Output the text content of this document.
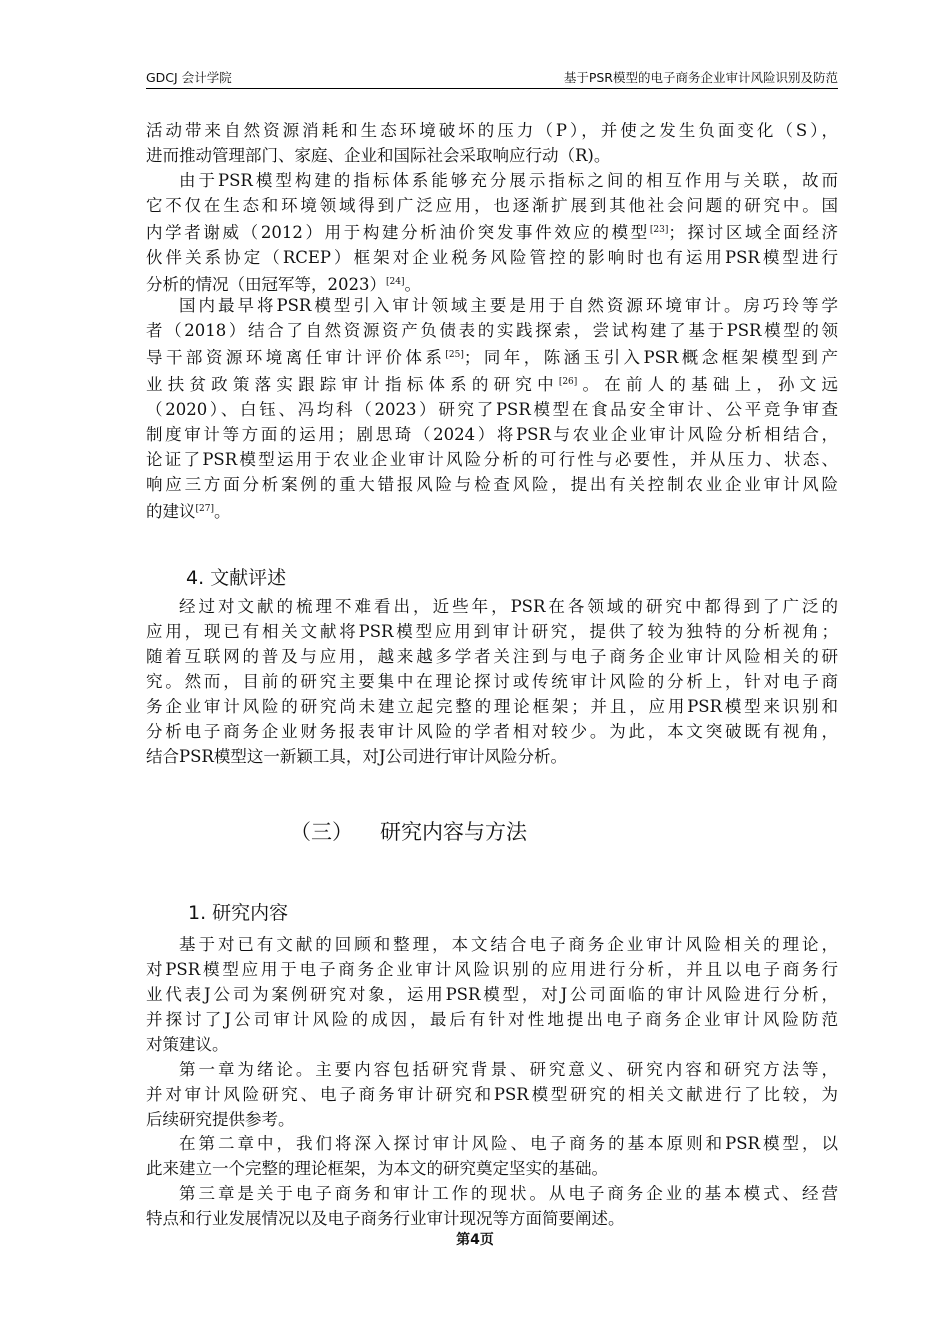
GDCJ 会计学院	基于PSR模型的电子商务企业审计风险识别及防范
活动带来自然资源消耗和生态环境破坏的压力（P），并使之发生负面变化（S），
进而推动管理部门、家庭、企业和国际社会采取响应行动（R)。
由于PSR模型构建的指标体系能够充分展示指标之间的相互作用与关联，故而
它不仅在生态和环境领域得到广泛应用，也逐渐扩展到其他社会问题的研究中。国
内学者谢威（2012）用于构建分析油价突发事件效应的模型[23]；探讨区域全面经济
伙伴关系协定（RCEP）框架对企业税务风险管控的影响时也有运用PSR模型进行
分析的情况（田冠军等，2023）[24]。
国内最早将PSR模型引入审计领域主要是用于自然资源环境审计。房巧玲等学
者（2018）结合了自然资源资产负债表的实践探索，尝试构建了基于PSR模型的领
导干部资源环境离任审计评价体系[25]；同年，陈涵玉引入PSR概念框架模型到产
业扶贫政策落实跟踪审计指标体系的研究中[26]。在前人的基础上，孙文远
（2020）、白钰、冯均科（2023）研究了PSR模型在食品安全审计、公平竞争审查
制度审计等方面的运用；剧思琦（2024）将PSR与农业企业审计风险分析相结合，
论证了PSR模型运用于农业企业审计风险分析的可行性与必要性，并从压力、状态、
响应三方面分析案例的重大错报风险与检查风险，提出有关控制农业企业审计风险
的建议[27]。
4. 文献评述
经过对文献的梳理不难看出，近些年，PSR在各领域的研究中都得到了广泛的
应用，现已有相关文献将PSR模型应用到审计研究，提供了较为独特的分析视角；
随着互联网的普及与应用，越来越多学者关注到与电子商务企业审计风险相关的研
究。然而，目前的研究主要集中在理论探讨或传统审计风险的分析上，针对电子商
务企业审计风险的研究尚未建立起完整的理论框架；并且，应用PSR模型来识别和
分析电子商务企业财务报表审计风险的学者相对较少。为此，本文突破既有视角，
结合PSR模型这一新颖工具，对J公司进行审计风险分析。
（三） 研究内容与方法
1. 研究内容
基于对已有文献的回顾和整理，本文结合电子商务企业审计风险相关的理论，
对PSR模型应用于电子商务企业审计风险识别的应用进行分析，并且以电子商务行
业代表J公司为案例研究对象，运用PSR模型，对J公司面临的审计风险进行分析，
并探讨了J公司审计风险的成因，最后有针对性地提出电子商务企业审计风险防范
对策建议。
第一章为绪论。主要内容包括研究背景、研究意义、研究内容和研究方法等，
并对审计风险研究、电子商务审计研究和PSR模型研究的相关文献进行了比较，为
后续研究提供参考。
在第二章中，我们将深入探讨审计风险、电子商务的基本原则和PSR模型，以
此来建立一个完整的理论框架，为本文的研究奠定坚实的基础。
第三章是关于电子商务和审计工作的现状。从电子商务企业的基本模式、经营
特点和行业发展情况以及电子商务行业审计现况等方面简要阐述。
第4页
